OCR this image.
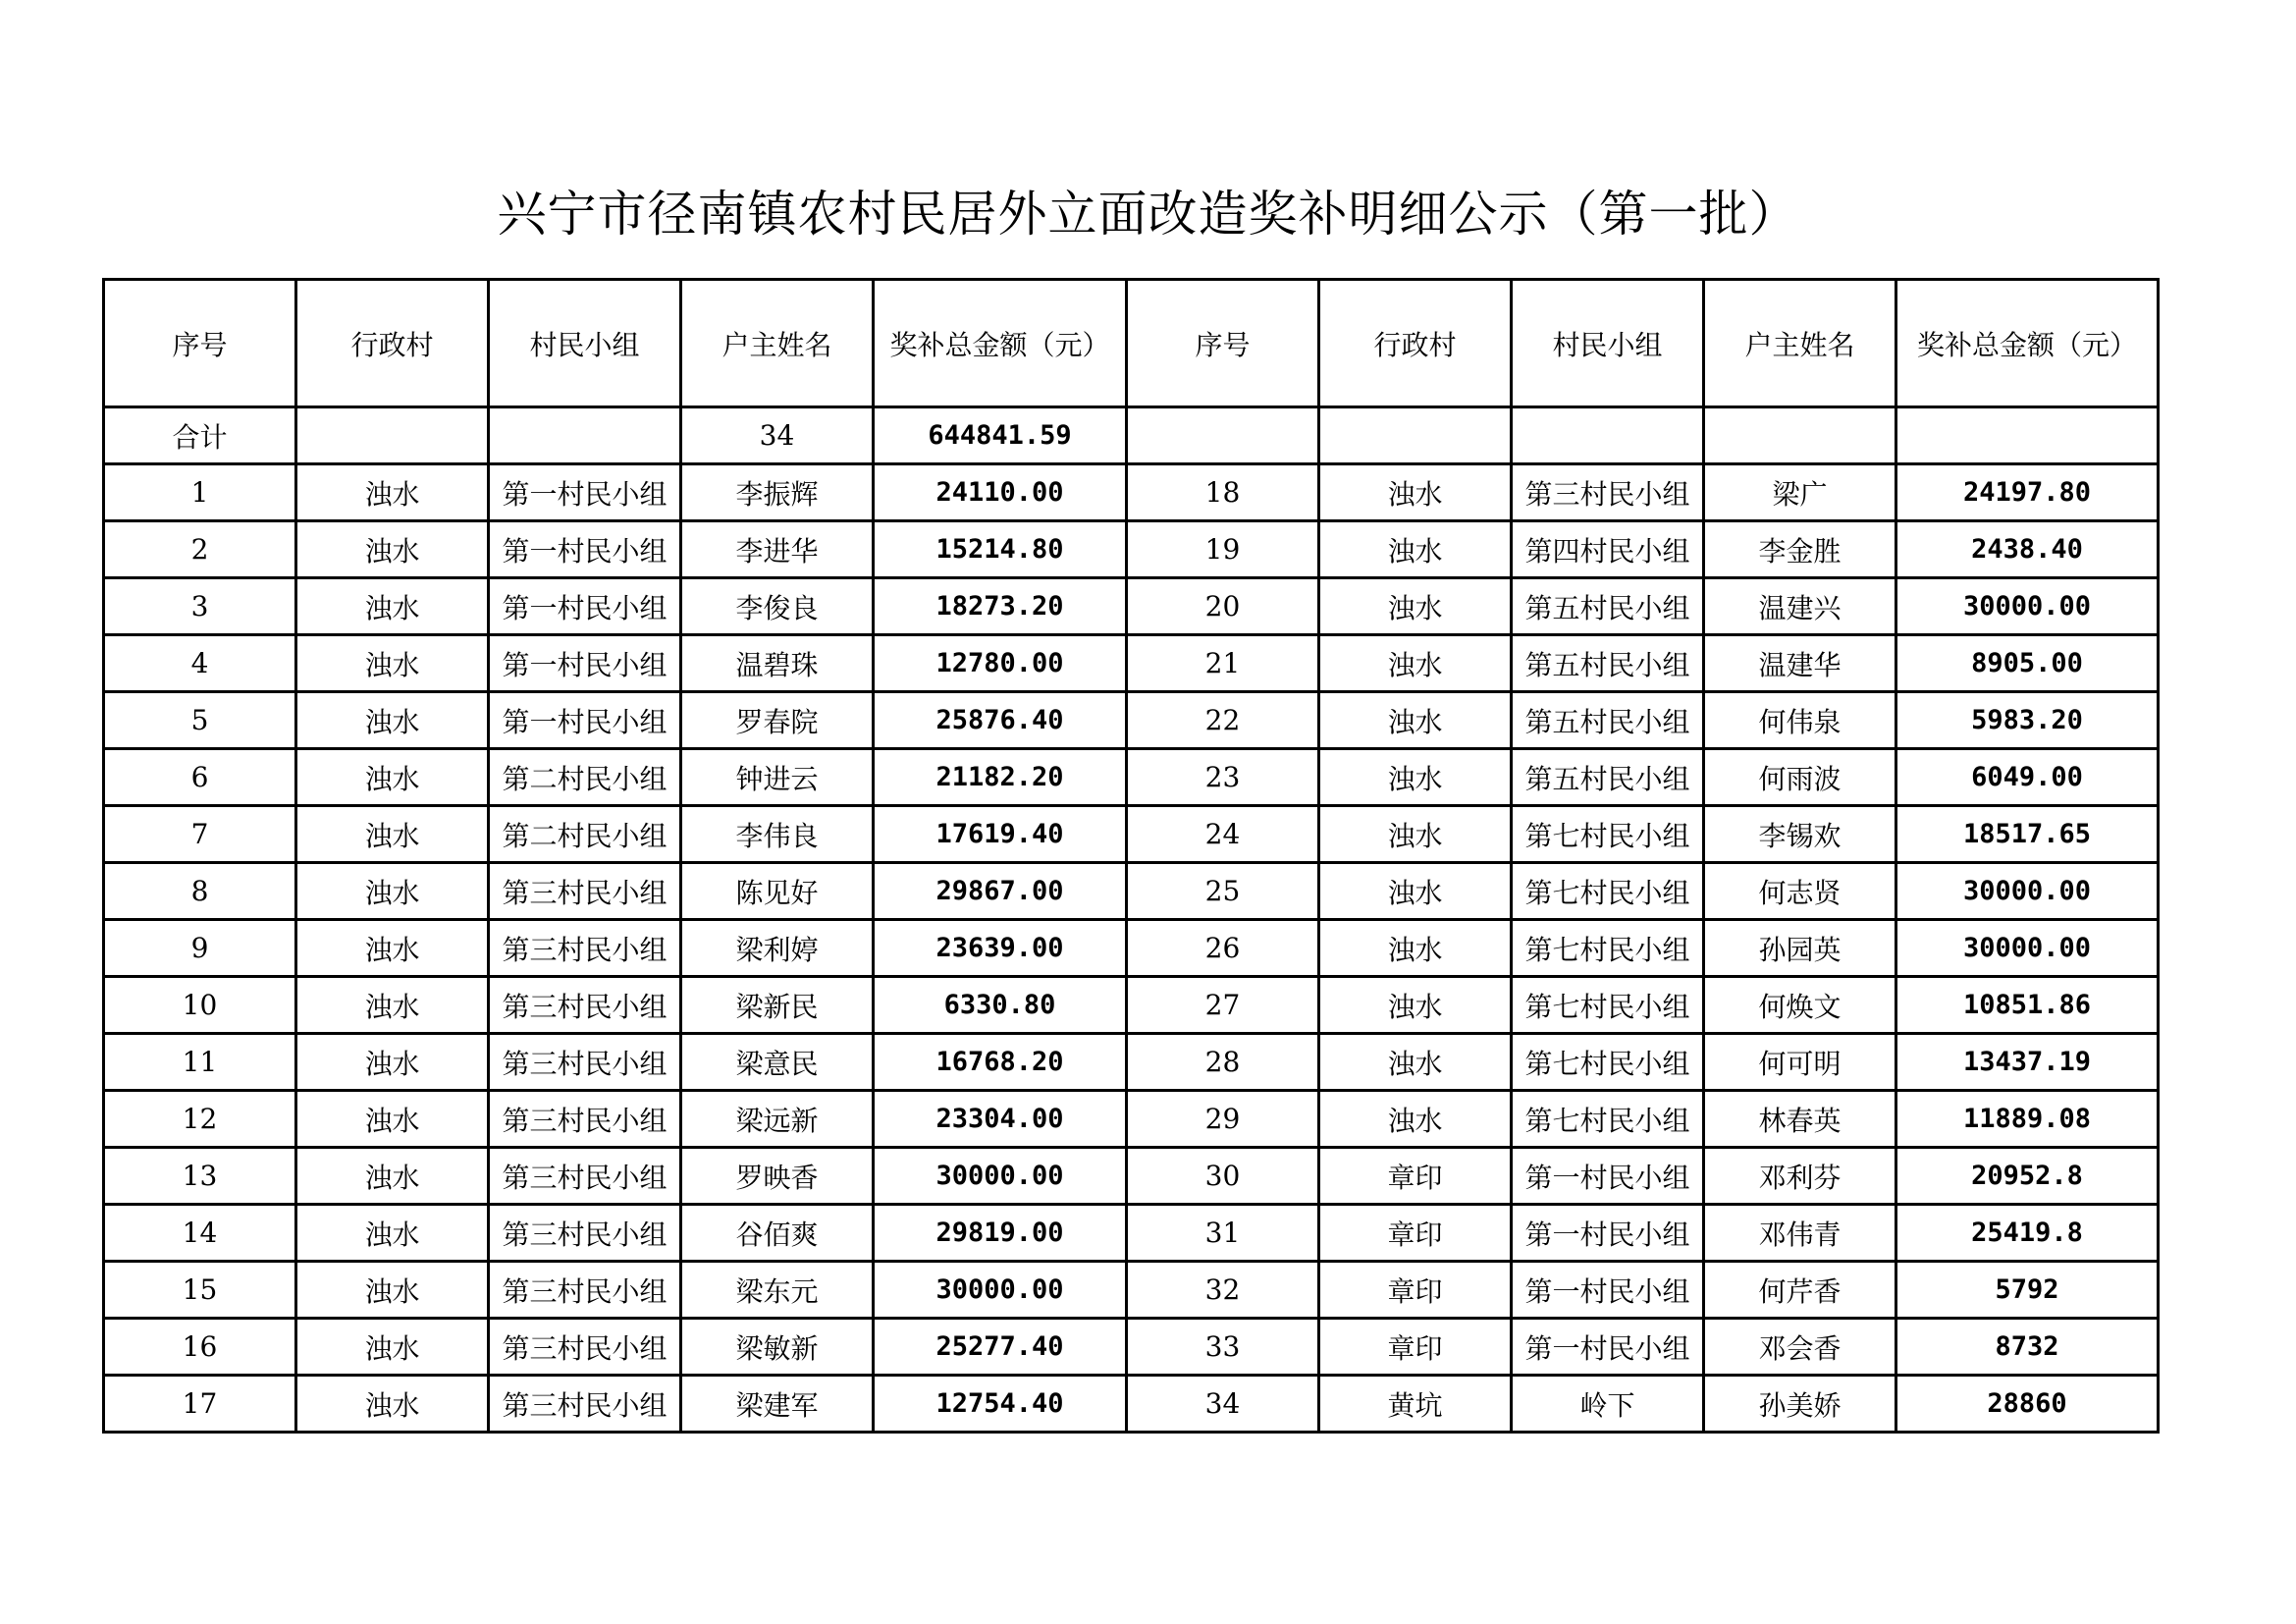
兴宁市径南镇农村民居外立面改造奖补明细公示（第一批）
序号	行政村	村民小组	户主姓名	奖补总金额（元）	序号	行政村	村民小组	户主姓名	奖补总金额（元）
合计			34	644841.59					
1	浊水	第一村民小组	李振辉	24110.00	18	浊水	第三村民小组	梁广	24197.80
2	浊水	第一村民小组	李进华	15214.80	19	浊水	第四村民小组	李金胜	2438.40
3	浊水	第一村民小组	李俊良	18273.20	20	浊水	第五村民小组	温建兴	30000.00
4	浊水	第一村民小组	温碧珠	12780.00	21	浊水	第五村民小组	温建华	8905.00
5	浊水	第一村民小组	罗春院	25876.40	22	浊水	第五村民小组	何伟泉	5983.20
6	浊水	第二村民小组	钟进云	21182.20	23	浊水	第五村民小组	何雨波	6049.00
7	浊水	第二村民小组	李伟良	17619.40	24	浊水	第七村民小组	李锡欢	18517.65
8	浊水	第三村民小组	陈见好	29867.00	25	浊水	第七村民小组	何志贤	30000.00
9	浊水	第三村民小组	梁利婷	23639.00	26	浊水	第七村民小组	孙园英	30000.00
10	浊水	第三村民小组	梁新民	6330.80	27	浊水	第七村民小组	何焕文	10851.86
11	浊水	第三村民小组	梁意民	16768.20	28	浊水	第七村民小组	何可明	13437.19
12	浊水	第三村民小组	梁远新	23304.00	29	浊水	第七村民小组	林春英	11889.08
13	浊水	第三村民小组	罗映香	30000.00	30	章印	第一村民小组	邓利芬	20952.8
14	浊水	第三村民小组	谷佰爽	29819.00	31	章印	第一村民小组	邓伟青	25419.8
15	浊水	第三村民小组	梁东元	30000.00	32	章印	第一村民小组	何芹香	5792
16	浊水	第三村民小组	梁敏新	25277.40	33	章印	第一村民小组	邓会香	8732
17	浊水	第三村民小组	梁建军	12754.40	34	黄坑	岭下	孙美娇	28860
